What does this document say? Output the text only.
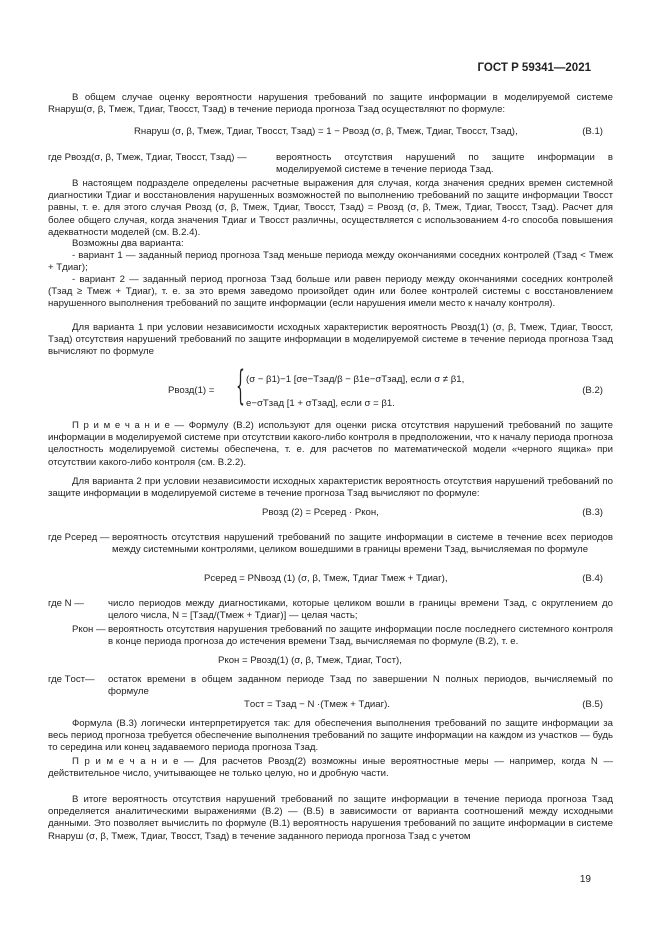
ГОСТ Р 59341—2021

В общем случае оценку вероятности нарушения требований по защите информации в моделируемой системе Rнаруш(σ, β, Tмеж, Tдиаг, Tвосст, Tзад) в течение периода прогноза Tзад осуществляют по формуле:

Rнаруш (σ, β, Tмеж, Tдиаг, Tвосст, Tзад) = 1 − Pвозд (σ, β, Tмеж, Tдиаг, Tвосст, Tзад),	(В.1)

где Pвозд(σ, β, Tмеж, Tдиаг, Tвосст, Tзад) —	вероятность отсутствия нарушений по защите информации в моделируемой системе в течение периода Tзад.

В настоящем подразделе определены расчетные выражения для случая, когда значения средних времен системной диагностики Tдиаг и восстановления нарушенных возможностей по выполнению требований по защите информации Tвосст равны, т. е. для этого случая Pвозд (σ, β, Tмеж, Tдиаг, Tвосст, Tзад) = Pвозд (σ, β, Tмеж, Tдиаг, Tвосст, Tзад). Расчет для более общего случая, когда значения Tдиаг и Tвосст различны, осуществляется с использованием 4-го способа повышения адекватности моделей (см. В.2.4).

Возможны два варианта:

- вариант 1 — заданный период прогноза Tзад меньше периода между окончаниями соседних контролей (Tзад < Tмеж + Tдиаг);

- вариант 2 — заданный период прогноза Tзад больше или равен периоду между окончаниями соседних контролей (Tзад ≥ Tмеж + Tдиаг), т. е. за это время заведомо произойдет один или более контролей системы с восстановлением нарушенного выполнения требований по защите информации (если нарушения имели место к началу контроля).

Для варианта 1 при условии независимости исходных характеристик вероятность Pвозд(1) (σ, β, Tмеж, Tдиаг, Tвосст, Tзад) отсутствия нарушений требований по защите информации в моделируемой системе в течение периода прогноза Tзад вычисляют по формуле

Pвозд(1) = { (σ − β1)−1 [σe−Tзад/β − β1e−σTзад], если σ ≠ β1,

e−σTзад [1 + σTзад], если σ = β1.

(В.2)

П р и м е ч а н и е — Формулу (В.2) используют для оценки риска отсутствия нарушений требований по защите информации в моделируемой системе при отсутствии какого-либо контроля в предположении, что к началу периода прогноза целостность моделируемой системы обеспечена, т. е. для расчетов по математической модели «черного ящика» при отсутствии какого-либо контроля (см. В.2.2).

Для варианта 2 при условии независимости исходных характеристик вероятность отсутствия нарушений требований по защите информации в моделируемой системе в течение прогноза Tзад вычисляют по формуле:

Pвозд (2) = Pсеред · Pкон,	(В.3)

где Pсеред — вероятность отсутствия нарушений требований по защите информации в системе в течение всех периодов между системными контролями, целиком вошедшими в границы времени Tзад, вычисляемая по формуле

Pсеред = PNвозд (1) (σ, β, Tмеж, Tдиаг Tмеж + Tдиаг),	(В.4)

где N —	число периодов между диагностиками, которые целиком вошли в границы времени Tзад, с округлением до целого числа, N = [Tзад/(Tмеж + Tдиаг)] — целая часть;

Pкон — вероятность отсутствия нарушения требований по защите информации после последнего системного контроля в конце периода прогноза до истечения времени Tзад, вычисляемая по формуле (В.2), т. е.

Pкон = Pвозд(1) (σ, β, Tмеж, Tдиаг, Tост),

где Tост— остаток времени в общем заданном периоде Tзад по завершении N полных периодов, вычисляемый по формуле

Tост = Tзад − N ·(Tмеж + Tдиаг).	(В.5)

Формула (В.3) логически интерпретируется так: для обеспечения выполнения требований по защите информации за весь период прогноза требуется обеспечение выполнения требований по защите информации на каждом из участков — будь то середина или конец задаваемого периода прогноза Tзад.

П р и м е ч а н и е — Для расчетов Pвозд(2) возможны иные вероятностные меры — например, когда N — действительное число, учитывающее не только целую, но и дробную части.

В итоге вероятность отсутствия нарушений требований по защите информации в течение периода прогноза Tзад определяется аналитическими выражениями (В.2) — (В.5) в зависимости от варианта соотношений между исходными данными. Это позволяет вычислить по формуле (В.1) вероятность нарушения требований по защите информации в системе Rнаруш (σ, β, Tмеж, Tдиаг, Tвосст, Tзад) в течение заданного периода прогноза Tзад с учетом

19
